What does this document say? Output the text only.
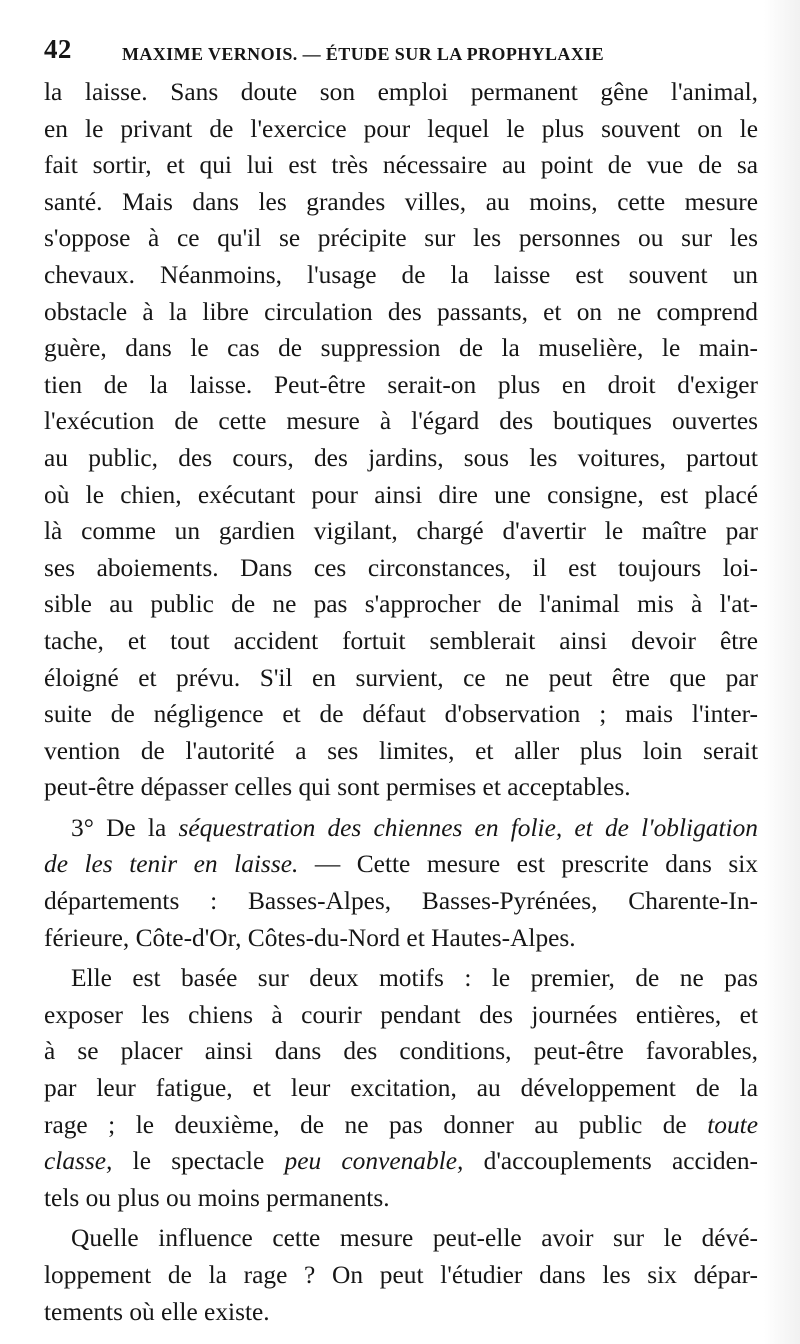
42	MAXIME VERNOIS. — ÉTUDE SUR LA PROPHYLAXIE
la laisse. Sans doute son emploi permanent gêne l'animal,
en le privant de l'exercice pour lequel le plus souvent on le
fait sortir, et qui lui est très nécessaire au point de vue de sa
santé. Mais dans les grandes villes, au moins, cette mesure
s'oppose à ce qu'il se précipite sur les personnes ou sur les
chevaux. Néanmoins, l'usage de la laisse est souvent un
obstacle à la libre circulation des passants, et on ne comprend
guère, dans le cas de suppression de la muselière, le main-
tien de la laisse. Peut-être serait-on plus en droit d'exiger
l'exécution de cette mesure à l'égard des boutiques ouvertes
au public, des cours, des jardins, sous les voitures, partout
où le chien, exécutant pour ainsi dire une consigne, est placé
là comme un gardien vigilant, chargé d'avertir le maître par
ses aboiements. Dans ces circonstances, il est toujours loi-
sible au public de ne pas s'approcher de l'animal mis à l'at-
tache, et tout accident fortuit semblerait ainsi devoir être
éloigné et prévu. S'il en survient, ce ne peut être que par
suite de négligence et de défaut d'observation ; mais l'inter-
vention de l'autorité a ses limites, et aller plus loin serait
peut-être dépasser celles qui sont permises et acceptables.
3° De la séquestration des chiennes en folie, et de l'obligation
de les tenir en laisse. — Cette mesure est prescrite dans six
départements : Basses-Alpes, Basses-Pyrénées, Charente-In-
férieure, Côte-d'Or, Côtes-du-Nord et Hautes-Alpes.
Elle est basée sur deux motifs : le premier, de ne pas
exposer les chiens à courir pendant des journées entières, et
à se placer ainsi dans des conditions, peut-être favorables,
par leur fatigue, et leur excitation, au développement de la
rage ; le deuxième, de ne pas donner au public de toute
classe, le spectacle peu convenable, d'accouplements acciden-
tels ou plus ou moins permanents.
Quelle influence cette mesure peut-elle avoir sur le dévé-
loppement de la rage ? On peut l'étudier dans les six dépar-
tements où elle existe.
